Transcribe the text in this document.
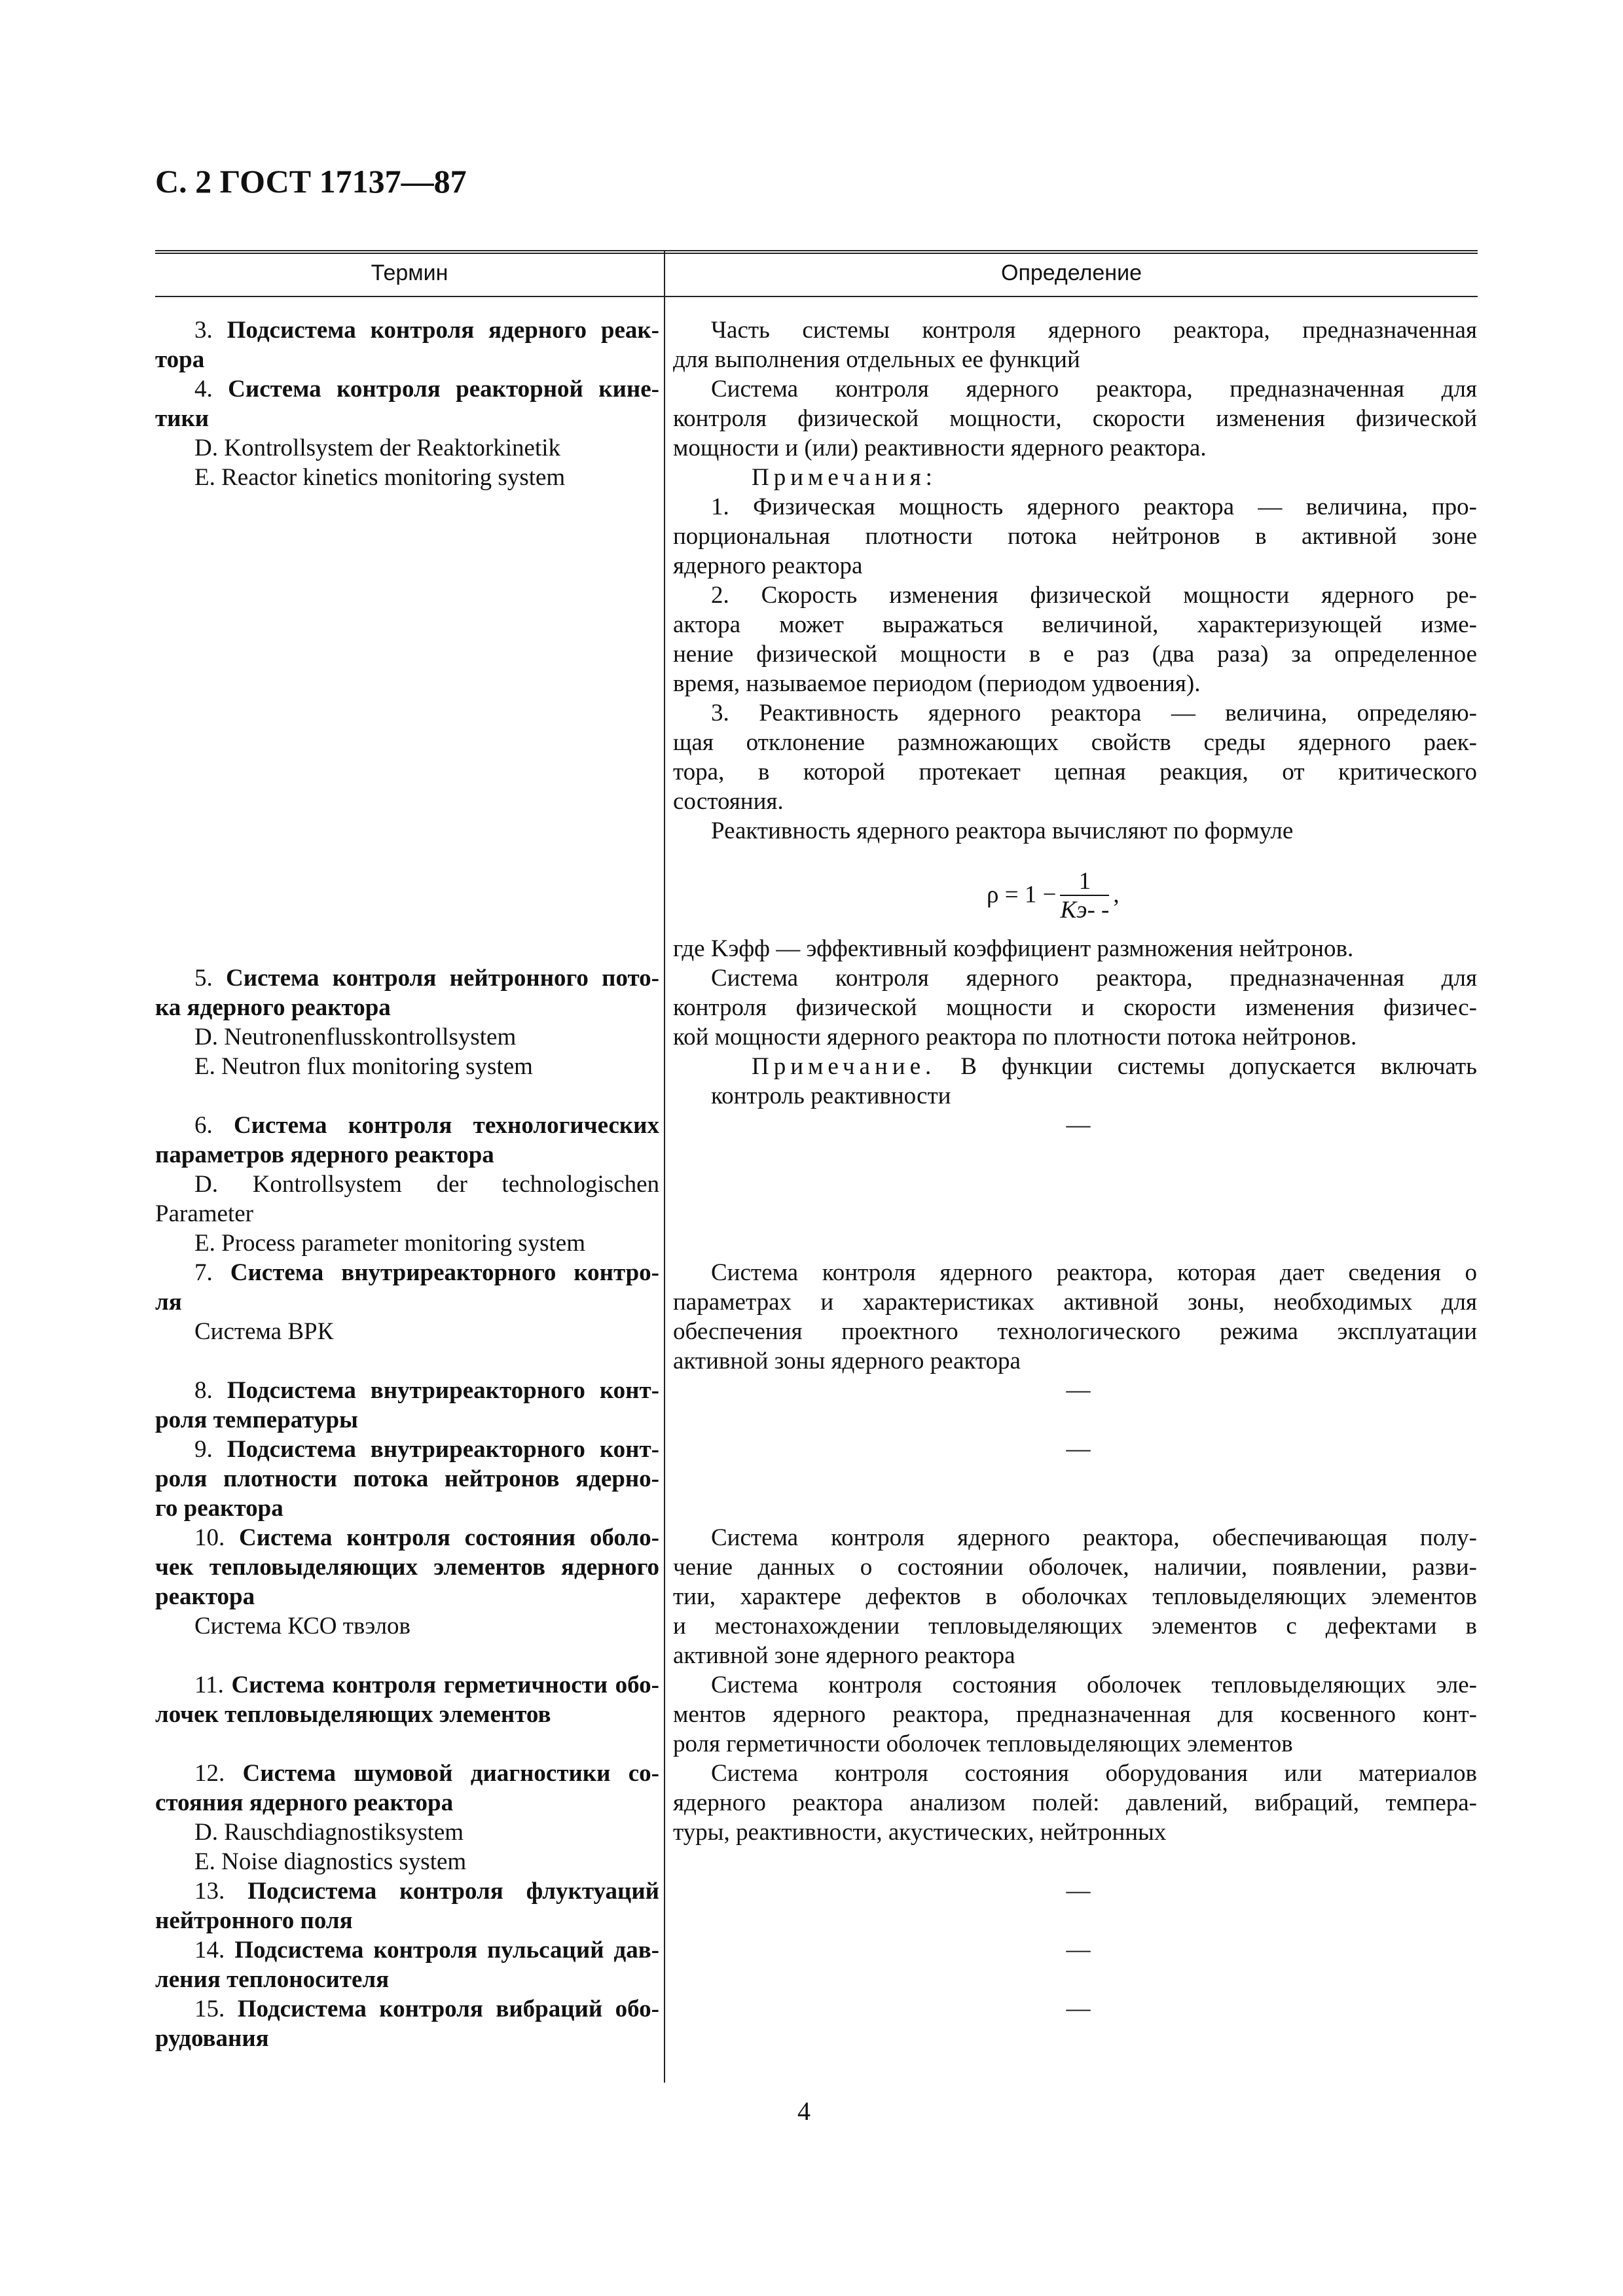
С. 2 ГОСТ 17137—87
Термин	Определение
3. Подсистема контроля ядерного реак-
тора
4. Система контроля реакторной кине-
тики
D. Kontrollsystem der Reaktorkinetik
E. Reactor kinetics monitoring system
5. Система контроля нейтронного пото-
ка ядерного реактора
D. Neutronenflusskontrollsystem
E. Neutron flux monitoring system
6. Система контроля технологических
параметров ядерного реактора
D. Kontrollsystem der technologischen
Parameter
E. Process parameter monitoring system
7. Система внутриреакторного контро-
ля
Система ВРК
8. Подсистема внутриреакторного конт-
роля температуры
9. Подсистема внутриреакторного конт-
роля плотности потока нейтронов ядерно-
го реактора
10. Система контроля состояния оболо-
чек тепловыделяющих элементов ядерного
реактора
Система КСО твэлов
11. Система контроля герметичности обо-
лочек тепловыделяющих элементов
12. Система шумовой диагностики со-
стояния ядерного реактора
D. Rauschdiagnostiksystem
E. Noise diagnostics system
13. Подсистема контроля флуктуаций
нейтронного поля
14. Подсистема контроля пульсаций дав-
ления теплоносителя
15. Подсистема контроля вибраций обо-
рудования
Часть системы контроля ядерного реактора, предназначенная
для выполнения отдельных ее функций
Система контроля ядерного реактора, предназначенная для
контроля физической мощности, скорости изменения физической
мощности и (или) реактивности ядерного реактора.
Примечания:
1. Физическая мощность ядерного реактора — величина, про-
порциональная плотности потока нейтронов в активной зоне
ядерного реактора
2. Скорость изменения физической мощности ядерного ре-
актора может выражаться величиной, характеризующей изме-
нение физической мощности в е раз (два раза) за определенное
время, называемое периодом (периодом удвоения).
3. Реактивность ядерного реактора — величина, определяю-
щая отклонение размножающих свойств среды ядерного раек-
тора, в которой протекает цепная реакция, от критического
состояния.
Реактивность ядерного реактора вычисляют по формуле
$\rho = 1 - \frac{1}{Kэ- -}$ ,
где Kэфф — эффективный коэффициент размножения нейтронов.
Система контроля ядерного реактора, предназначенная для
контроля физической мощности и скорости изменения физичес-
кой мощности ядерного реактора по плотности потока нейтронов.
Примечание. В функции системы допускается включать
контроль реактивности
—
Система контроля ядерного реактора, которая дает сведения о
параметрах и характеристиках активной зоны, необходимых для
обеспечения проектного технологического режима эксплуатации
активной зоны ядерного реактора
—
—
Система контроля ядерного реактора, обеспечивающая полу-
чение данных о состоянии оболочек, наличии, появлении, разви-
тии, характере дефектов в оболочках тепловыделяющих элементов
и местонахождении тепловыделяющих элементов с дефектами в
активной зоне ядерного реактора
Система контроля состояния оболочек тепловыделяющих эле-
ментов ядерного реактора, предназначенная для косвенного конт-
роля герметичности оболочек тепловыделяющих элементов
Система контроля состояния оборудования или материалов
ядерного реактора анализом полей: давлений, вибраций, темпера-
туры, реактивности, акустических, нейтронных
—
—
—
4
